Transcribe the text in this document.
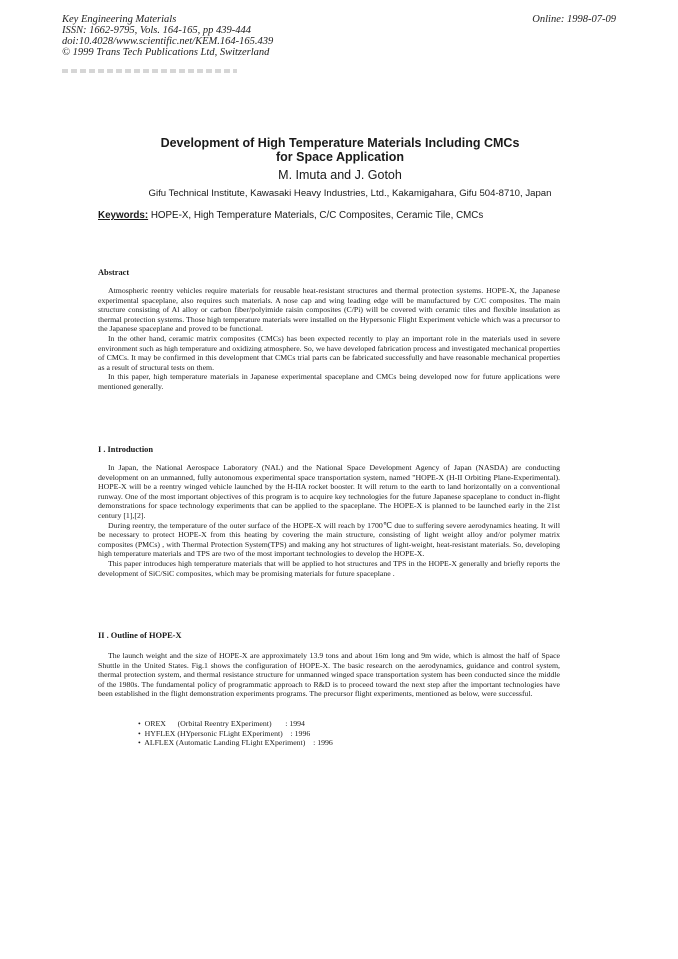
Key Engineering Materials
ISSN: 1662-9795, Vols. 164-165, pp 439-444
doi:10.4028/www.scientific.net/KEM.164-165.439
© 1999 Trans Tech Publications Ltd, Switzerland
Online: 1998-07-09
Development of High Temperature Materials Including CMCs
for Space Application
M. Imuta and J. Gotoh
Gifu Technical Institute, Kawasaki Heavy Industries, Ltd., Kakamigahara, Gifu 504-8710, Japan
Keywords: HOPE-X, High Temperature Materials, C/C Composites, Ceramic Tile, CMCs
Abstract

Atmospheric reentry vehicles require materials for reusable heat-resistant structures and thermal protection systems. HOPE-X, the Japanese experimental spaceplane, also requires such materials. A nose cap and wing leading edge will be manufactured by C/C composites. The main structure consisting of Al alloy or carbon fiber/polyimide raisin composites (C/Pi) will be covered with ceramic tiles and flexible insulation as thermal protection systems. Those high temperature materials were installed on the Hypersonic Flight Experiment vehicle which was a precursor to the Japanese spaceplane and proved to be functional.

In the other hand, ceramic matrix composites (CMCs) has been expected recently to play an important role in the materials used in severe environment such as high temperature and oxidizing atmosphere. So, we have developed fabrication process and investigated mechanical properties of CMCs. It may be confirmed in this development that CMCs trial parts can be fabricated successfully and have reasonable mechanical properties as a result of structural tests on them.

In this paper, high temperature materials in Japanese experimental spaceplane and CMCs being developed now for future applications were mentioned generally.

I . Introduction

In Japan, the National Aerospace Laboratory (NAL) and the National Space Development Agency of Japan (NASDA) are conducting development on an unmanned, fully autonomous experimental space transportation system, named "HOPE-X (H-II Orbiting Plane-Experimental). HOPE-X will be a reentry winged vehicle launched by the H-IIA rocket booster. It will return to the earth to land horizontally on a conventional runway. One of the most important objectives of this program is to acquire key technologies for the future Japanese spaceplane to conduct in-flight demonstrations for space technology experiments that can be applied to the spaceplane. The HOPE-X is planned to be launched early in the 21st century [1],[2].

During reentry, the temperature of the outer surface of the HOPE-X will reach by 1700℃ due to suffering severe aerodynamics heating. It will be necessary to protect HOPE-X from this heating by covering the main structure, consisting of light weight alloy and/or polymer matrix composites (PMCs) , with Thermal Protection System(TPS) and making any hot structures of light-weight, heat-resistant materials. So, developing high temperature materials and TPS are two of the most important technologies to develop the HOPE-X.

This paper introduces high temperature materials that will be applied to hot structures and TPS in the HOPE-X generally and briefly reports the development of SiC/SiC composites, which may be promising materials for future spaceplane .

II . Outline of HOPE-X

The launch weight and the size of HOPE-X are approximately 13.9 tons and about 16m long and 9m wide, which is almost the half of Space Shuttle in the United States. Fig.1 shows the configuration of HOPE-X. The basic research on the aerodynamics, guidance and control system, thermal protection system, and thermal resistance structure for unmanned winged space transportation system has been conducted since the middle of the 1980s. The fundamental policy of programmatic approach to R&D is to proceed toward the next step after the important technologies have been established in the flight demonstration experiments programs. The precursor flight experiments, mentioned as below, were successful.

•  OREX (Orbital Reentry EXperiment) : 1994
•  HYFLEX (HYpersonic FLight EXperiment) : 1996
•  ALFLEX (Automatic Landing FLight EXperiment) : 1996
